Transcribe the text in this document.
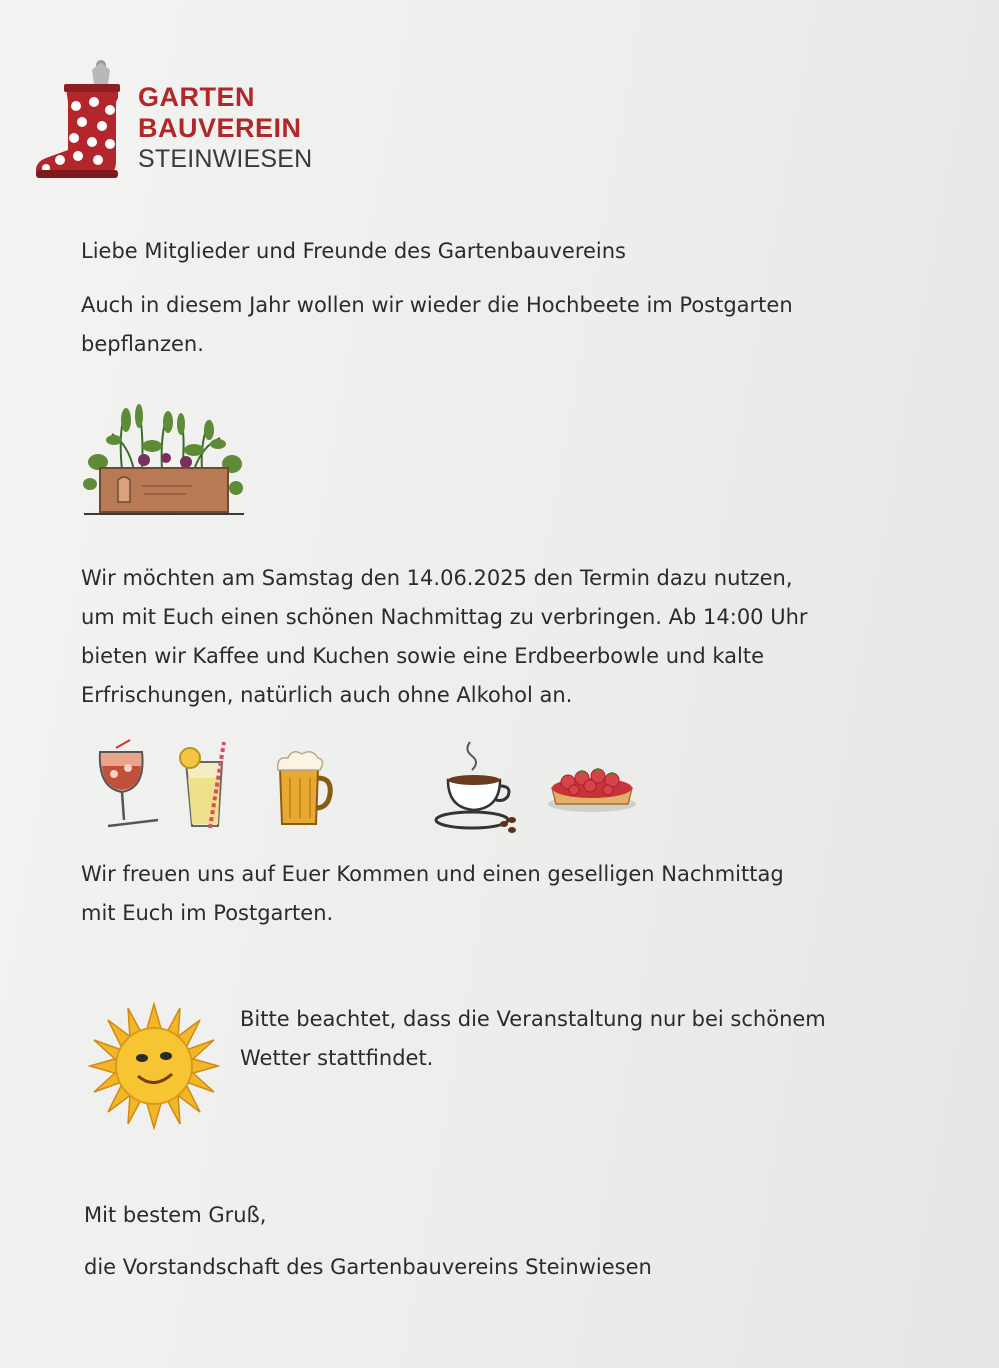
GARTEN
BAUVEREIN
STEINWIESEN
Liebe Mitglieder und Freunde des Gartenbauvereins
Auch in diesem Jahr wollen wir wieder die Hochbeete im Postgarten
bepflanzen.
Wir möchten am Samstag den 14.06.2025 den Termin dazu nutzen,
um mit Euch einen schönen Nachmittag zu verbringen. Ab 14:00 Uhr
bieten wir Kaffee und Kuchen sowie eine Erdbeerbowle und kalte
Erfrischungen, natürlich auch ohne Alkohol an.
Wir freuen uns auf Euer Kommen und einen geselligen Nachmittag
mit Euch im Postgarten.
Bitte beachtet, dass die Veranstaltung nur bei schönem
Wetter stattfindet.
Mit bestem Gruß,
die Vorstandschaft des Gartenbauvereins Steinwiesen
